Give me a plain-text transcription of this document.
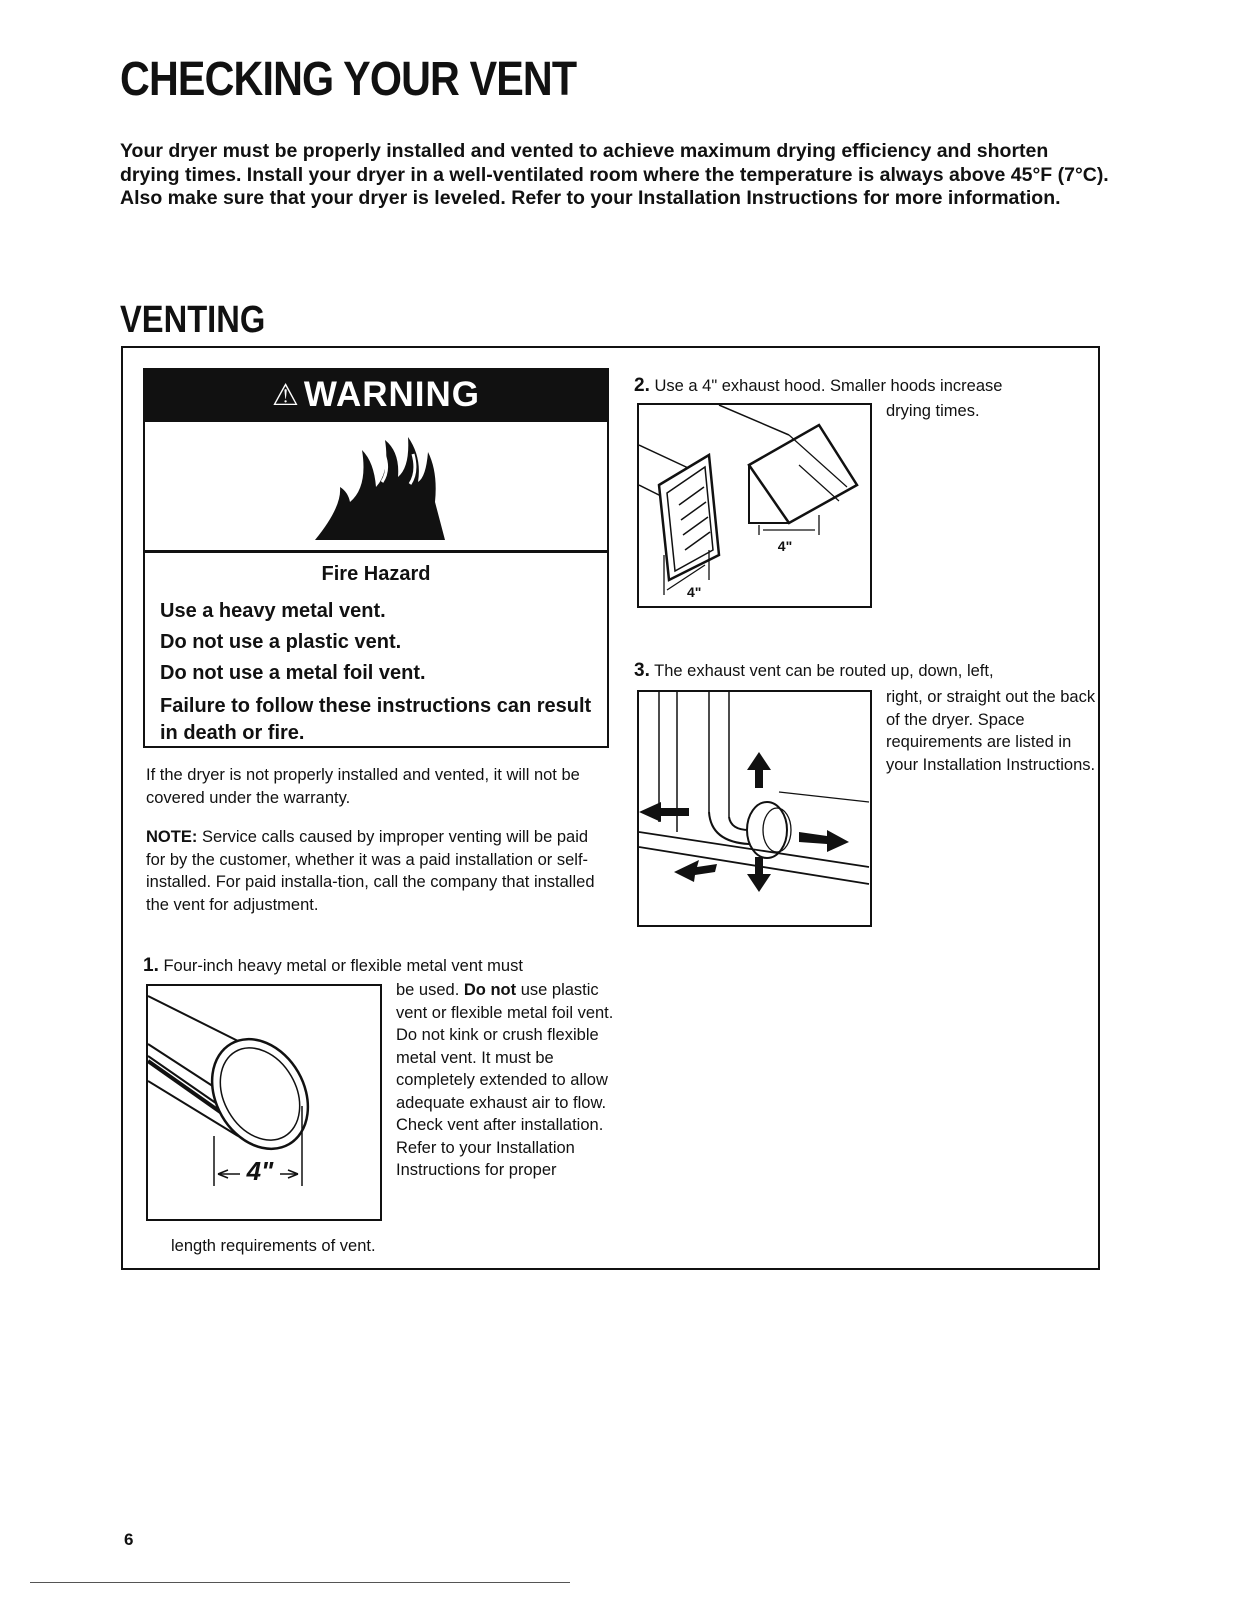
CHECKING YOUR VENT

Your dryer must be properly installed and vented to achieve maximum drying efficiency and shorten drying times. Install your dryer in a well-ventilated room where the temperature is always above 45°F (7°C). Also make sure that your dryer is leveled. Refer to your Installation Instructions for more information.

VENTING
⚠ WARNING
Fire Hazard
Use a heavy metal vent.
Do not use a plastic vent.
Do not use a metal foil vent.
Failure to follow these instructions can result in death or fire.

If the dryer is not properly installed and vented, it will not be covered under the warranty.

NOTE: Service calls caused by improper venting will be paid for by the customer, whether it was a paid installation or self-installed. For paid installa-tion, call the company that installed the vent for adjustment.

1. Four-inch heavy metal or flexible metal vent must

4"

be used. Do not use plastic vent or flexible metal foil vent. Do not kink or crush flexible metal vent. It must be completely extended to allow adequate exhaust air to flow. Check vent after installation. Refer to your Installation Instructions for proper

length requirements of vent.

2. Use a 4" exhaust hood. Smaller hoods increase

4"
4"

drying times.

3. The exhaust vent can be routed up, down, left,

right, or straight out the back of the dryer. Space requirements are listed in your Installation Instructions.

6
